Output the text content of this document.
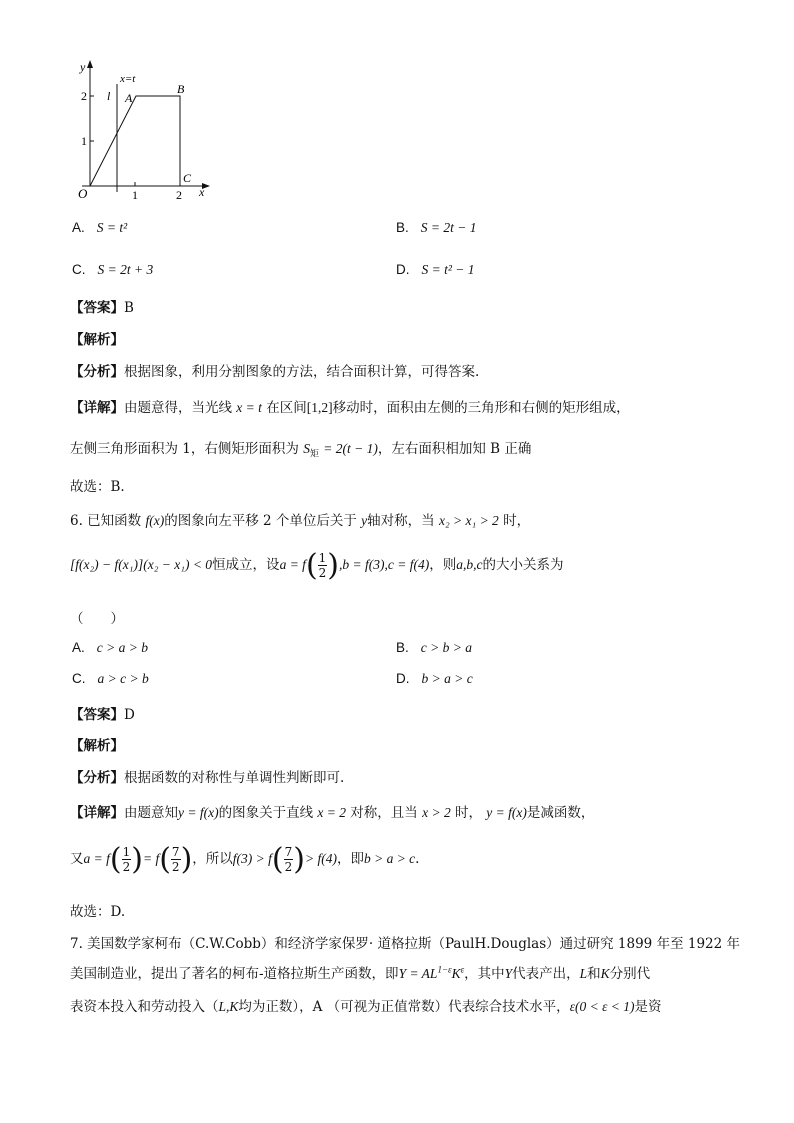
y
x
O
x=t
l A
B
C
1	2
1
2
A. S = t²	B. S = 2t − 1
C. S = 2t + 3	D. S = t² − 1
【答案】B
【解析】
【分析】根据图象，利用分割图象的方法，结合面积计算，可得答案.
【详解】由题意得，当光线 x = t 在区间[1,2]移动时，面积由左侧的三角形和右侧的矩形组成，
左侧三角形面积为 1，右侧矩形面积为 $S_矩 = 2(t - 1)$，左右面积相加知 B 正确
故选：B.
6. 已知函数 f(x)的图象向左平移 2 个单位后关于 y轴对称，当 x₂ > x₁ > 2 时，
[f(x₂) − f(x₁)](x₂ − x₁) < 0恒成立，设$a = f( \frac{1}{2} ),b = f(3),c = f(4)$，则a,b,c的大小关系为
（　　）
A. c > a > b	B. c > b > a
C. a > c > b	D. b > a > c
【答案】D
【解析】
【分析】根据函数的对称性与单调性判断即可.
【详解】由题意知y = f(x)的图象关于直线 x = 2 对称，且当 x > 2 时， y = f(x)是减函数，
又$a = f( \frac{1}{2}$ )= $f( \frac{7}{2}$ )，所以$f(3) > f( \frac{7}{2}$ )> f(4)，即b > a > c.
故选：D.
7. 美国数学家柯布（C.W.Cobb）和经济学家保罗· 道格拉斯（PaulH.Douglas）通过研究 1899 年至 1922 年
美国制造业，提出了著名的柯布-道格拉斯生产函数，即$Y = AL^{1-\varepsilon}K^\varepsilon$，其中Y代表产出，L和K分别代
表资本投入和劳动投入（L,K均为正数），A （可视为正值常数）代表综合技术水平，ε(0 < ε < 1)是资
